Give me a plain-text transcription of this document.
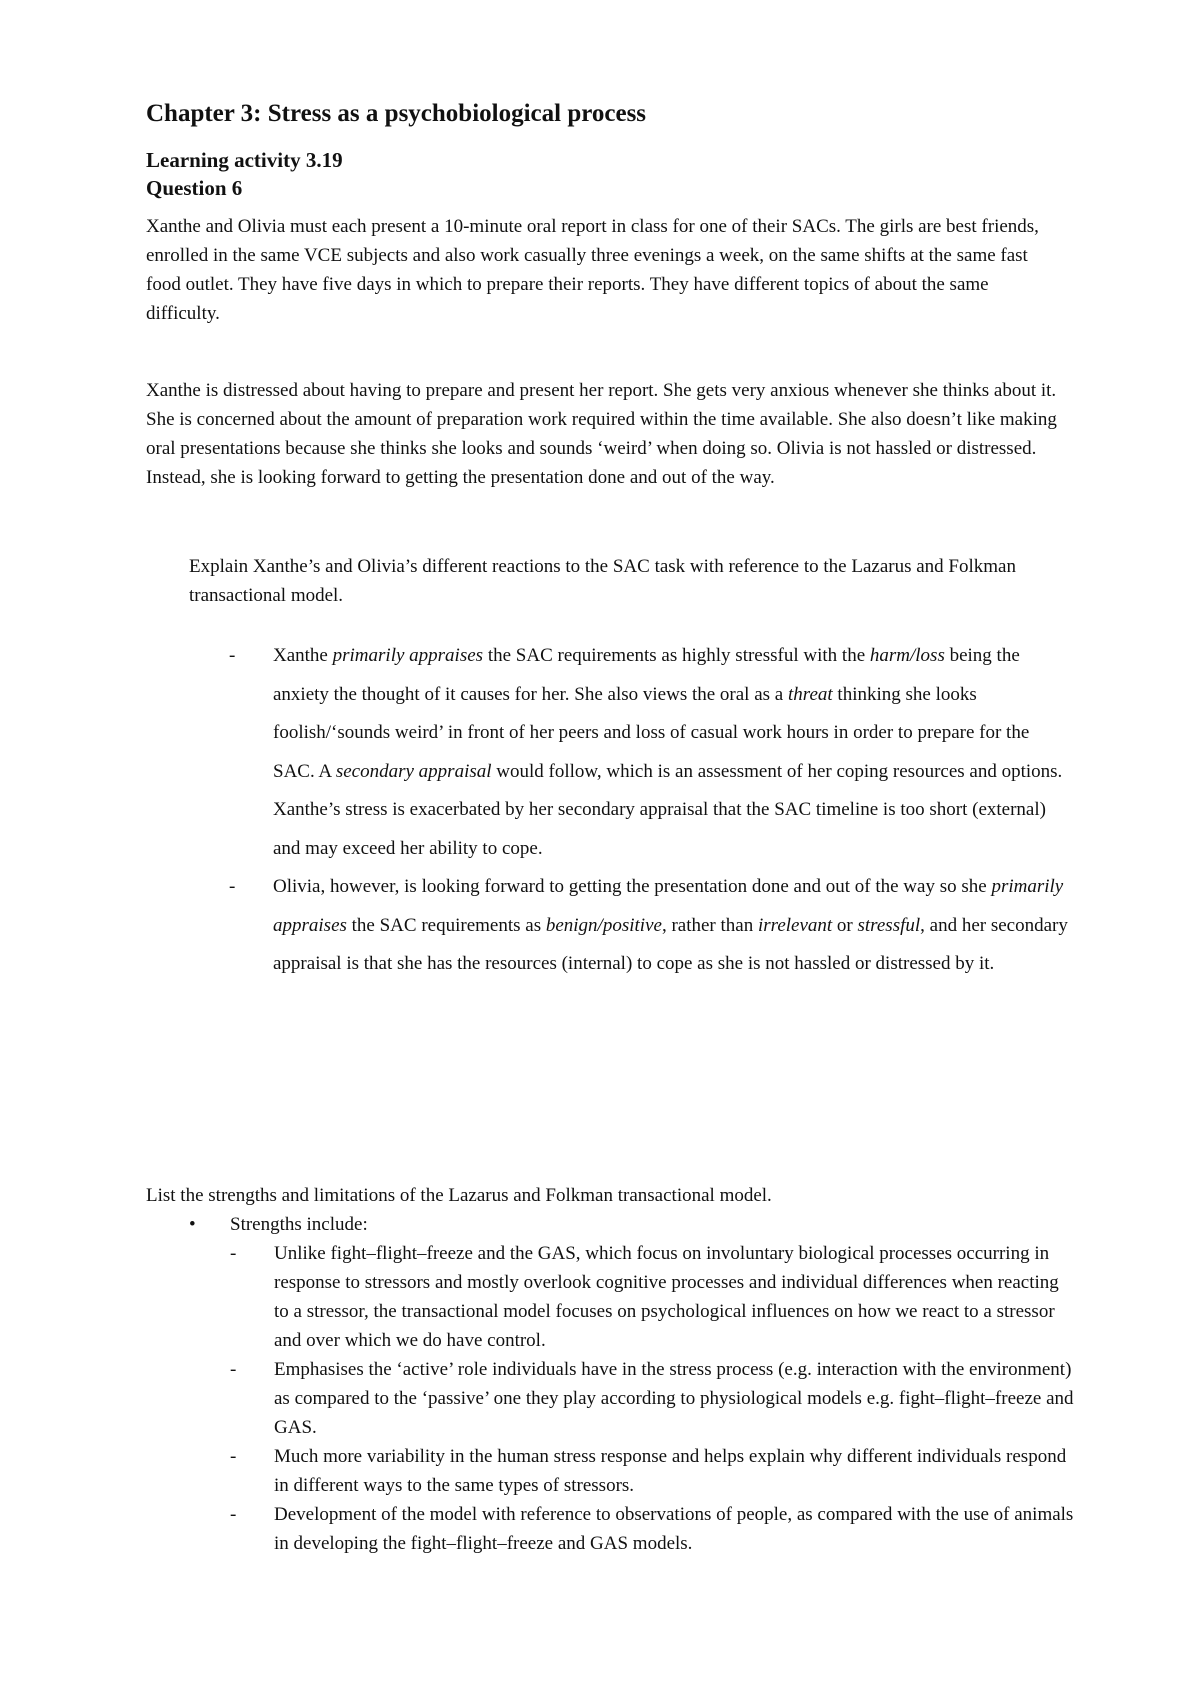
Chapter 3: Stress as a psychobiological process
Learning activity 3.19
Question 6

Xanthe and Olivia must each present a 10-minute oral report in class for one of their SACs. The girls are best friends, enrolled in the same VCE subjects and also work casually three evenings a week, on the same shifts at the same fast food outlet. They have five days in which to prepare their reports. They have different topics of about the same difficulty.

Xanthe is distressed about having to prepare and present her report. She gets very anxious whenever she thinks about it. She is concerned about the amount of preparation work required within the time available. She also doesn’t like making oral presentations because she thinks she looks and sounds ‘weird’ when doing so. Olivia is not hassled or distressed. Instead, she is looking forward to getting the presentation done and out of the way.

Explain Xanthe’s and Olivia’s different reactions to the SAC task with reference to the Lazarus and Folkman transactional model.

- Xanthe primarily appraises the SAC requirements as highly stressful with the harm/loss being the anxiety the thought of it causes for her. She also views the oral as a threat thinking she looks foolish/‘sounds weird’ in front of her peers and loss of casual work hours in order to prepare for the SAC. A secondary appraisal would follow, which is an assessment of her coping resources and options. Xanthe’s stress is exacerbated by her secondary appraisal that the SAC timeline is too short (external) and may exceed her ability to cope.
- Olivia, however, is looking forward to getting the presentation done and out of the way so she primarily appraises the SAC requirements as benign/positive, rather than irrelevant or stressful, and her secondary appraisal is that she has the resources (internal) to cope as she is not hassled or distressed by it.

List the strengths and limitations of the Lazarus and Folkman transactional model.

• Strengths include:
- Unlike fight–flight–freeze and the GAS, which focus on involuntary biological processes occurring in response to stressors and mostly overlook cognitive processes and individual differences when reacting to a stressor, the transactional model focuses on psychological influences on how we react to a stressor and over which we do have control.
- Emphasises the ‘active’ role individuals have in the stress process (e.g. interaction with the environment) as compared to the ‘passive’ one they play according to physiological models e.g. fight–flight–freeze and GAS.
- Much more variability in the human stress response and helps explain why different individuals respond in different ways to the same types of stressors.
- Development of the model with reference to observations of people, as compared with the use of animals in developing the fight–flight–freeze and GAS models.
